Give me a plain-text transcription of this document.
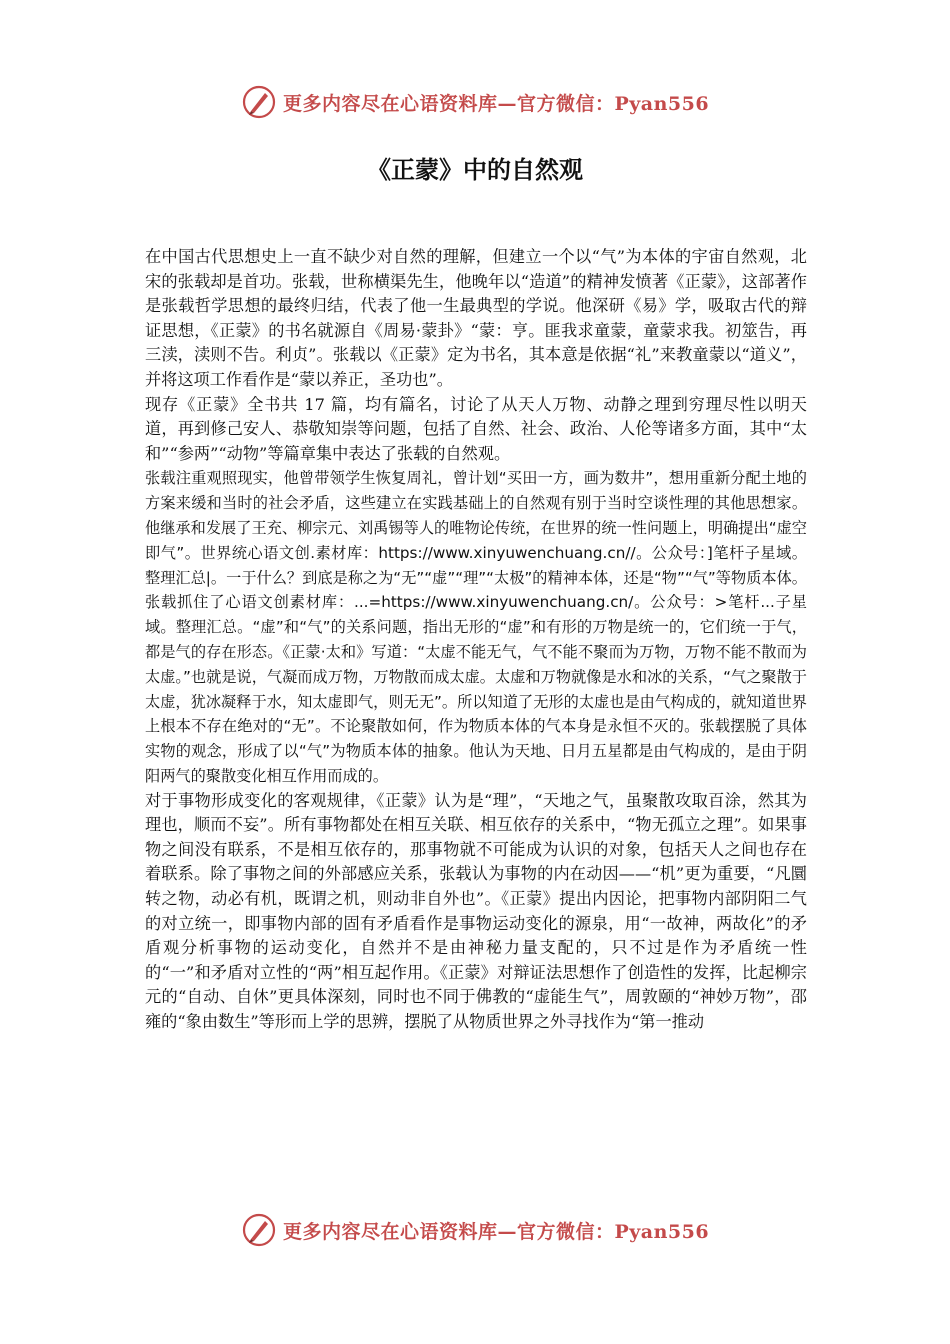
更多内容尽在心语资料库—官方微信：Pyan556
《正蒙》中的自然观

在中国古代思想史上一直不缺少对自然的理解，但建立一个以“气”为本体的宇宙自然观，北宋的张载却是首功。张载，世称横渠先生，他晚年以“造道”的精神发愤著《正蒙》，这部著作是张载哲学思想的最终归结，代表了他一生最典型的学说。他深研《易》学，吸取古代的辩证思想，《正蒙》的书名就源自《周易·蒙卦》“蒙：亨。匪我求童蒙，童蒙求我。初筮告，再三渎，渎则不告。利贞”。张载以《正蒙》定为书名，其本意是依据“礼”来教童蒙以“道义”，并将这项工作看作是“蒙以养正，圣功也”。

现存《正蒙》全书共 17 篇，均有篇名，讨论了从天人万物、动静之理到穷理尽性以明天道，再到修己安人、恭敬知崇等问题，包括了自然、社会、政治、人伦等诸多方面，其中“太和”“参两”“动物”等篇章集中表达了张载的自然观。

张载注重观照现实，他曾带领学生恢复周礼，曾计划“买田一方，画为数井”，想用重新分配土地的方案来缓和当时的社会矛盾，这些建立在实践基础上的自然观有别于当时空谈性理的其他思想家。他继承和发展了王充、柳宗元、刘禹锡等人的唯物论传统，在世界的统一性问题上，明确提出“虚空即气”。世界统心语文创.素材库：https://www.xinyuwenchuang.cn//。公众号：]笔杆子星域。整理汇总|。一于什么？到底是称之为“无”“虚”“理”“太极”的精神本体，还是“物”“气”等物质本体。张载抓住了心语文创素材库：...=https://www.xinyuwenchuang.cn/。公众号：>笔杆...子星域。整理汇总。“虚”和“气”的关系问题，指出无形的“虚”和有形的万物是统一的，它们统一于气，都是气的存在形态。《正蒙·太和》写道：“太虚不能无气，气不能不聚而为万物，万物不能不散而为太虚。”也就是说，气凝而成万物，万物散而成太虚。太虚和万物就像是水和冰的关系，“气之聚散于太虚，犹冰凝释于水，知太虚即气，则无无”。所以知道了无形的太虚也是由气构成的，就知道世界上根本不存在绝对的“无”。不论聚散如何，作为物质本体的气本身是永恒不灭的。张载摆脱了具体实物的观念，形成了以“气”为物质本体的抽象。他认为天地、日月五星都是由气构成的，是由于阴阳两气的聚散变化相互作用而成的。

对于事物形成变化的客观规律，《正蒙》认为是“理”，“天地之气，虽聚散攻取百涂，然其为理也，顺而不妄”。所有事物都处在相互关联、相互依存的关系中，“物无孤立之理”。如果事物之间没有联系，不是相互依存的，那事物就不可能成为认识的对象，包括天人之间也存在着联系。除了事物之间的外部感应关系，张载认为事物的内在动因——“机”更为重要，“凡圜转之物，动必有机，既谓之机，则动非自外也”。《正蒙》提出内因论，把事物内部阴阳二气的对立统一，即事物内部的固有矛盾看作是事物运动变化的源泉，用“一故神，两故化”的矛盾观分析事物的运动变化，自然并不是由神秘力量支配的，只不过是作为矛盾统一性的“一”和矛盾对立性的“两”相互起作用。《正蒙》对辩证法思想作了创造性的发挥，比起柳宗元的“自动、自休”更具体深刻，同时也不同于佛教的“虚能生气”，周敦颐的“神妙万物”，邵雍的“象由数生”等形而上学的思辨，摆脱了从物质世界之外寻找作为“第一推动

更多内容尽在心语资料库—官方微信：Pyan556
